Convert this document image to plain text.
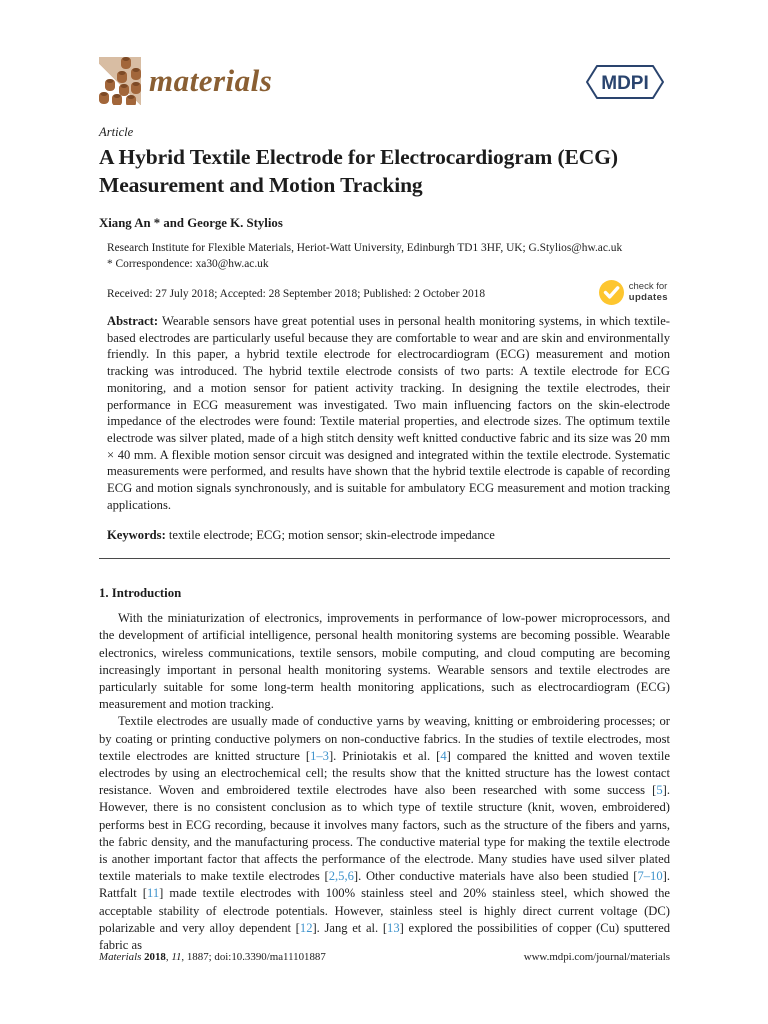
materials	MDPI
Article
A Hybrid Textile Electrode for Electrocardiogram (ECG) Measurement and Motion Tracking
Xiang An * and George K. Stylios
Research Institute for Flexible Materials, Heriot-Watt University, Edinburgh TD1 3HF, UK; G.Stylios@hw.ac.uk
* Correspondence: xa30@hw.ac.uk
Received: 27 July 2018; Accepted: 28 September 2018; Published: 2 October 2018
check for
updates

Abstract: Wearable sensors have great potential uses in personal health monitoring systems, in which textile-based electrodes are particularly useful because they are comfortable to wear and are skin and environmentally friendly. In this paper, a hybrid textile electrode for electrocardiogram (ECG) measurement and motion tracking was introduced. The hybrid textile electrode consists of two parts: A textile electrode for ECG monitoring, and a motion sensor for patient activity tracking. In designing the textile electrodes, their performance in ECG measurement was investigated. Two main influencing factors on the skin-electrode impedance of the electrodes were found: Textile material properties, and electrode sizes. The optimum textile electrode was silver plated, made of a high stitch density weft knitted conductive fabric and its size was 20 mm × 40 mm. A flexible motion sensor circuit was designed and integrated within the textile electrode. Systematic measurements were performed, and results have shown that the hybrid textile electrode is capable of recording ECG and motion signals synchronously, and is suitable for ambulatory ECG measurement and motion tracking applications.

Keywords: textile electrode; ECG; motion sensor; skin-electrode impedance

1. Introduction

With the miniaturization of electronics, improvements in performance of low-power microprocessors, and the development of artificial intelligence, personal health monitoring systems are becoming possible. Wearable electronics, wireless communications, textile sensors, mobile computing, and cloud computing are becoming increasingly important in personal health monitoring systems. Wearable sensors and textile electrodes are particularly suitable for some long-term health monitoring applications, such as electrocardiogram (ECG) measurement and motion tracking.

Textile electrodes are usually made of conductive yarns by weaving, knitting or embroidering processes; or by coating or printing conductive polymers on non-conductive fabrics. In the studies of textile electrodes, most textile electrodes are knitted structure [1–3]. Priniotakis et al. [4] compared the knitted and woven textile electrodes by using an electrochemical cell; the results show that the knitted structure has the lowest contact resistance. Woven and embroidered textile electrodes have also been researched with some success [5]. However, there is no consistent conclusion as to which type of textile structure (knit, woven, embroidered) performs best in ECG recording, because it involves many factors, such as the structure of the fibers and yarns, the fabric density, and the manufacturing process. The conductive material type for making the textile electrode is another important factor that affects the performance of the electrode. Many studies have used silver plated textile materials to make textile electrodes [2,5,6]. Other conductive materials have also been studied [7–10]. Rattfalt [11] made textile electrodes with 100% stainless steel and 20% stainless steel, which showed the acceptable stability of electrode potentials. However, stainless steel is highly direct current voltage (DC) polarizable and very alloy dependent [12]. Jang et al. [13] explored the possibilities of copper (Cu) sputtered fabric as

Materials 2018, 11, 1887; doi:10.3390/ma11101887	www.mdpi.com/journal/materials
